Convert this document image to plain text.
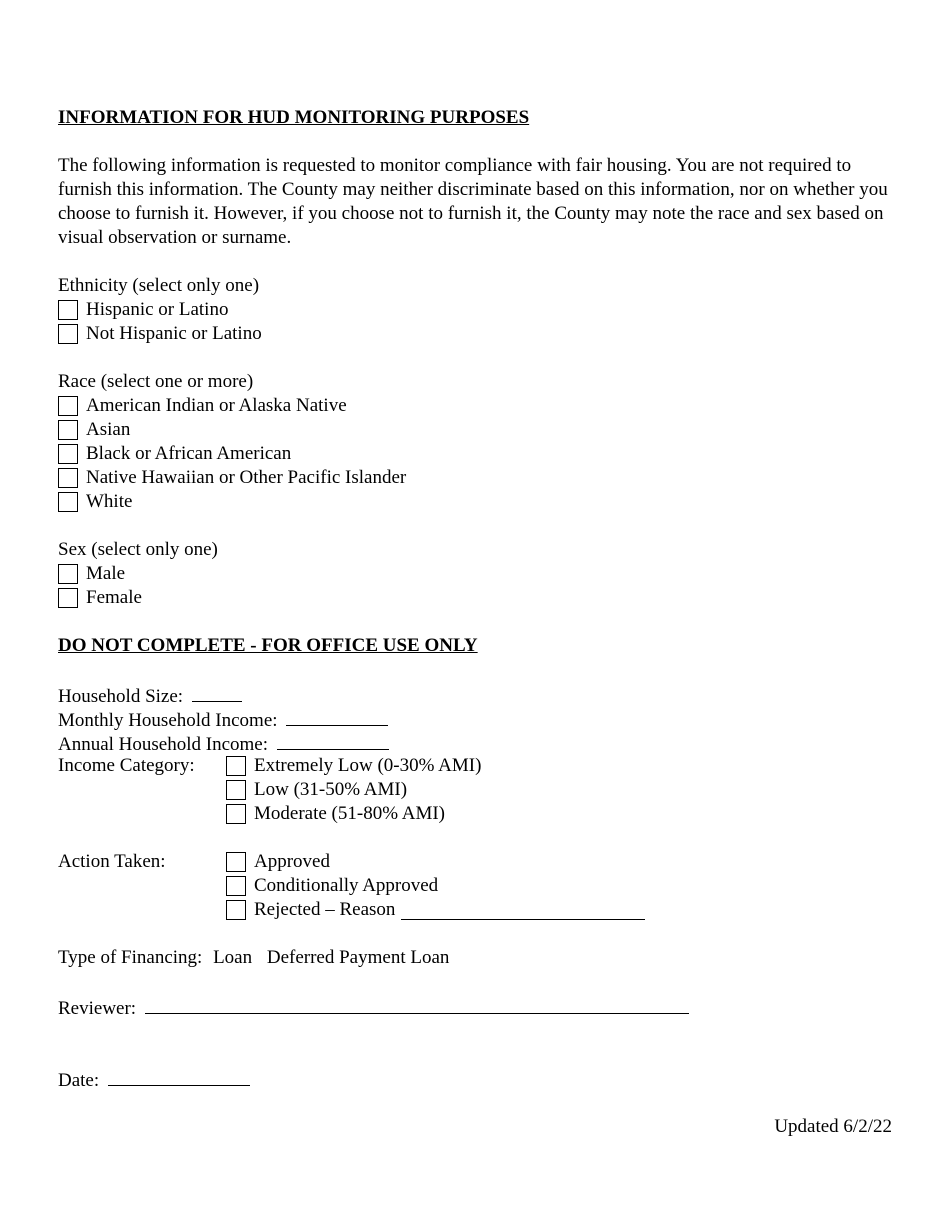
INFORMATION FOR HUD MONITORING PURPOSES

The following information is requested to monitor compliance with fair housing. You are not required to furnish this information. The County may neither discriminate based on this information, nor on whether you choose to furnish it. However, if you choose not to furnish it, the County may note the race and sex based on visual observation or surname.

Ethnicity (select only one)
Hispanic or Latino
Not Hispanic or Latino
Race (select one or more)
American Indian or Alaska Native
Asian
Black or African American
Native Hawaiian or Other Pacific Islander
White
Sex (select only one)
Male
Female
DO NOT COMPLETE - FOR OFFICE USE ONLY
Household Size:
Monthly Household Income:
Annual Household Income:
Income Category:	Extremely Low (0-30% AMI)
Low (31-50% AMI)
Moderate (51-80% AMI)
Action Taken:	Approved
Conditionally Approved
Rejected – Reason
Type of Financing: Loan Deferred Payment Loan
Reviewer:
Date:
Updated 6/2/22
